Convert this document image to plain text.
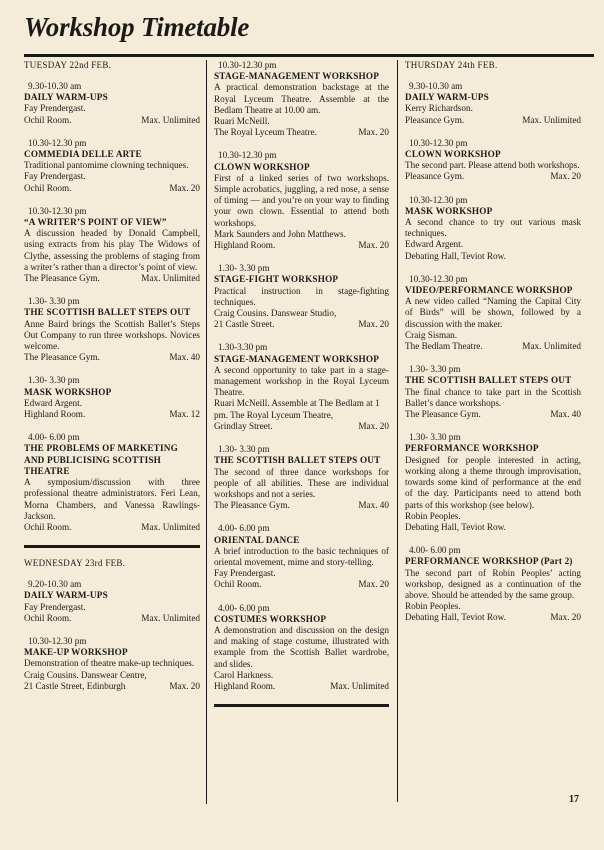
Workshop Timetable
TUESDAY 22nd FEB.
9.30-10.30 am
DAILY WARM-UPS
Fay Prendergast.
Ochil Room.	Max. Unlimited
10.30-12.30 pm
COMMEDIA DELLE ARTE
Traditional pantomime clowning techniques.
Fay Prendergast.
Ochil Room.	Max. 20
10.30-12.30 pm
“A WRITER’S POINT OF VIEW”
A discussion headed by Donald Campbell, using extracts from his play The Widows of Clythe, assessing the problems of staging from a writer’s rather than a director’s point of view.
The Pleasance Gym.	Max. Unlimited
1.30- 3.30 pm
THE SCOTTISH BALLET STEPS OUT
Anne Baird brings the Scottish Ballet’s Steps Out Company to run three workshops. Novices welcome.
The Pleasance Gym.	Max. 40
1.30- 3.30 pm
MASK WORKSHOP
Edward Argent.
Highland Room.	Max. 12
4.00- 6.00 pm
THE PROBLEMS OF MARKETING AND PUBLICISING SCOTTISH THEATRE
A symposium/discussion with three professional theatre administrators. Feri Lean, Morna Chambers, and Vanessa Rawlings-Jackson.
Ochil Room.	Max. Unlimited
WEDNESDAY 23rd FEB.
9.20-10.30 am
DAILY WARM-UPS
Fay Prendergast.
Ochil Room.	Max. Unlimited
10.30-12.30 pm
MAKE-UP WORKSHOP
Demonstration of theatre make-up techniques.
Craig Cousins. Danswear Centre,
21 Castle Street, Edinburgh	Max. 20
10.30-12.30 pm
STAGE-MANAGEMENT WORKSHOP
A practical demonstration backstage at the Royal Lyceum Theatre. Assemble at the Bedlam Theatre at 10.00 am.
Ruari McNeill.
The Royal Lyceum Theatre.	Max. 20
10.30-12.30 pm
CLOWN WORKSHOP
First of a linked series of two workshops. Simple acrobatics, juggling, a red nose, a sense of timing — and you’re on your way to finding your own clown. Essential to attend both workshops.
Mark Saunders and John Matthews.
Highland Room.	Max. 20
1.30- 3.30 pm
STAGE-FIGHT WORKSHOP
Practical instruction in stage-fighting techniques.
Craig Cousins. Danswear Studio,
21 Castle Street.	Max. 20
1.30-3.30 pm
STAGE-MANAGEMENT WORKSHOP
A second opportunity to take part in a stage-management workshop in the Royal Lyceum Theatre.
Ruari McNeill. Assemble at The Bedlam at 1 pm. The Royal Lyceum Theatre,
Grindlay Street.	Max. 20
1.30- 3.30 pm
THE SCOTTISH BALLET STEPS OUT
The second of three dance workshops for people of all abilities. These are individual workshops and not a series.
The Pleasance Gym.	Max. 40
4.00- 6.00 pm
ORIENTAL DANCE
A brief introduction to the basic techniques of oriental movement, mime and story-telling.
Fay Prendergast.
Ochil Room.	Max. 20
4.00- 6.00 pm
COSTUMES WORKSHOP
A demonstration and discussion on the design and making of stage costume, illustrated with example from the Scottish Ballet wardrobe, and slides.
Carol Harkness.
Highland Room.	Max. Unlimited
THURSDAY 24th FEB.
9.30-10.30 am
DAILY WARM-UPS
Kerry Richardson.
Pleasance Gym.	Max. Unlimited
10.30-12.30 pm
CLOWN WORKSHOP
The second part. Please attend both workshops.
Pleasance Gym.	Max. 20
10.30-12.30 pm
MASK WORKSHOP
A second chance to try out various mask techniques.
Edward Argent.
Debating Hall, Teviot Row.
10.30-12.30 pm
VIDEO/PERFORMANCE WORKSHOP
A new video called “Naming the Capital City of Birds” will be shown, followed by a discussion with the maker.
Craig Sisman.
The Bedlam Theatre.	Max. Unlimited
1.30- 3.30 pm
THE SCOTTISH BALLET STEPS OUT
The final chance to take part in the Scottish Ballet’s dance workshops.
The Pleasance Gym.	Max. 40
1.30- 3.30 pm
PERFORMANCE WORKSHOP
Designed for people interested in acting, working along a theme through improvisation, towards some kind of performance at the end of the day. Participants need to attend both parts of this workshop (see below).
Robin Peoples.
Debating Hall, Teviot Row.
4.00- 6.00 pm
PERFORMANCE WORKSHOP (Part 2)
The second part of Robin Peoples’ acting workshop, designed as a continuation of the above. Should be attended by the same group.
Robin Peoples.
Debating Hall, Teviot Row.	Max. 20
17
